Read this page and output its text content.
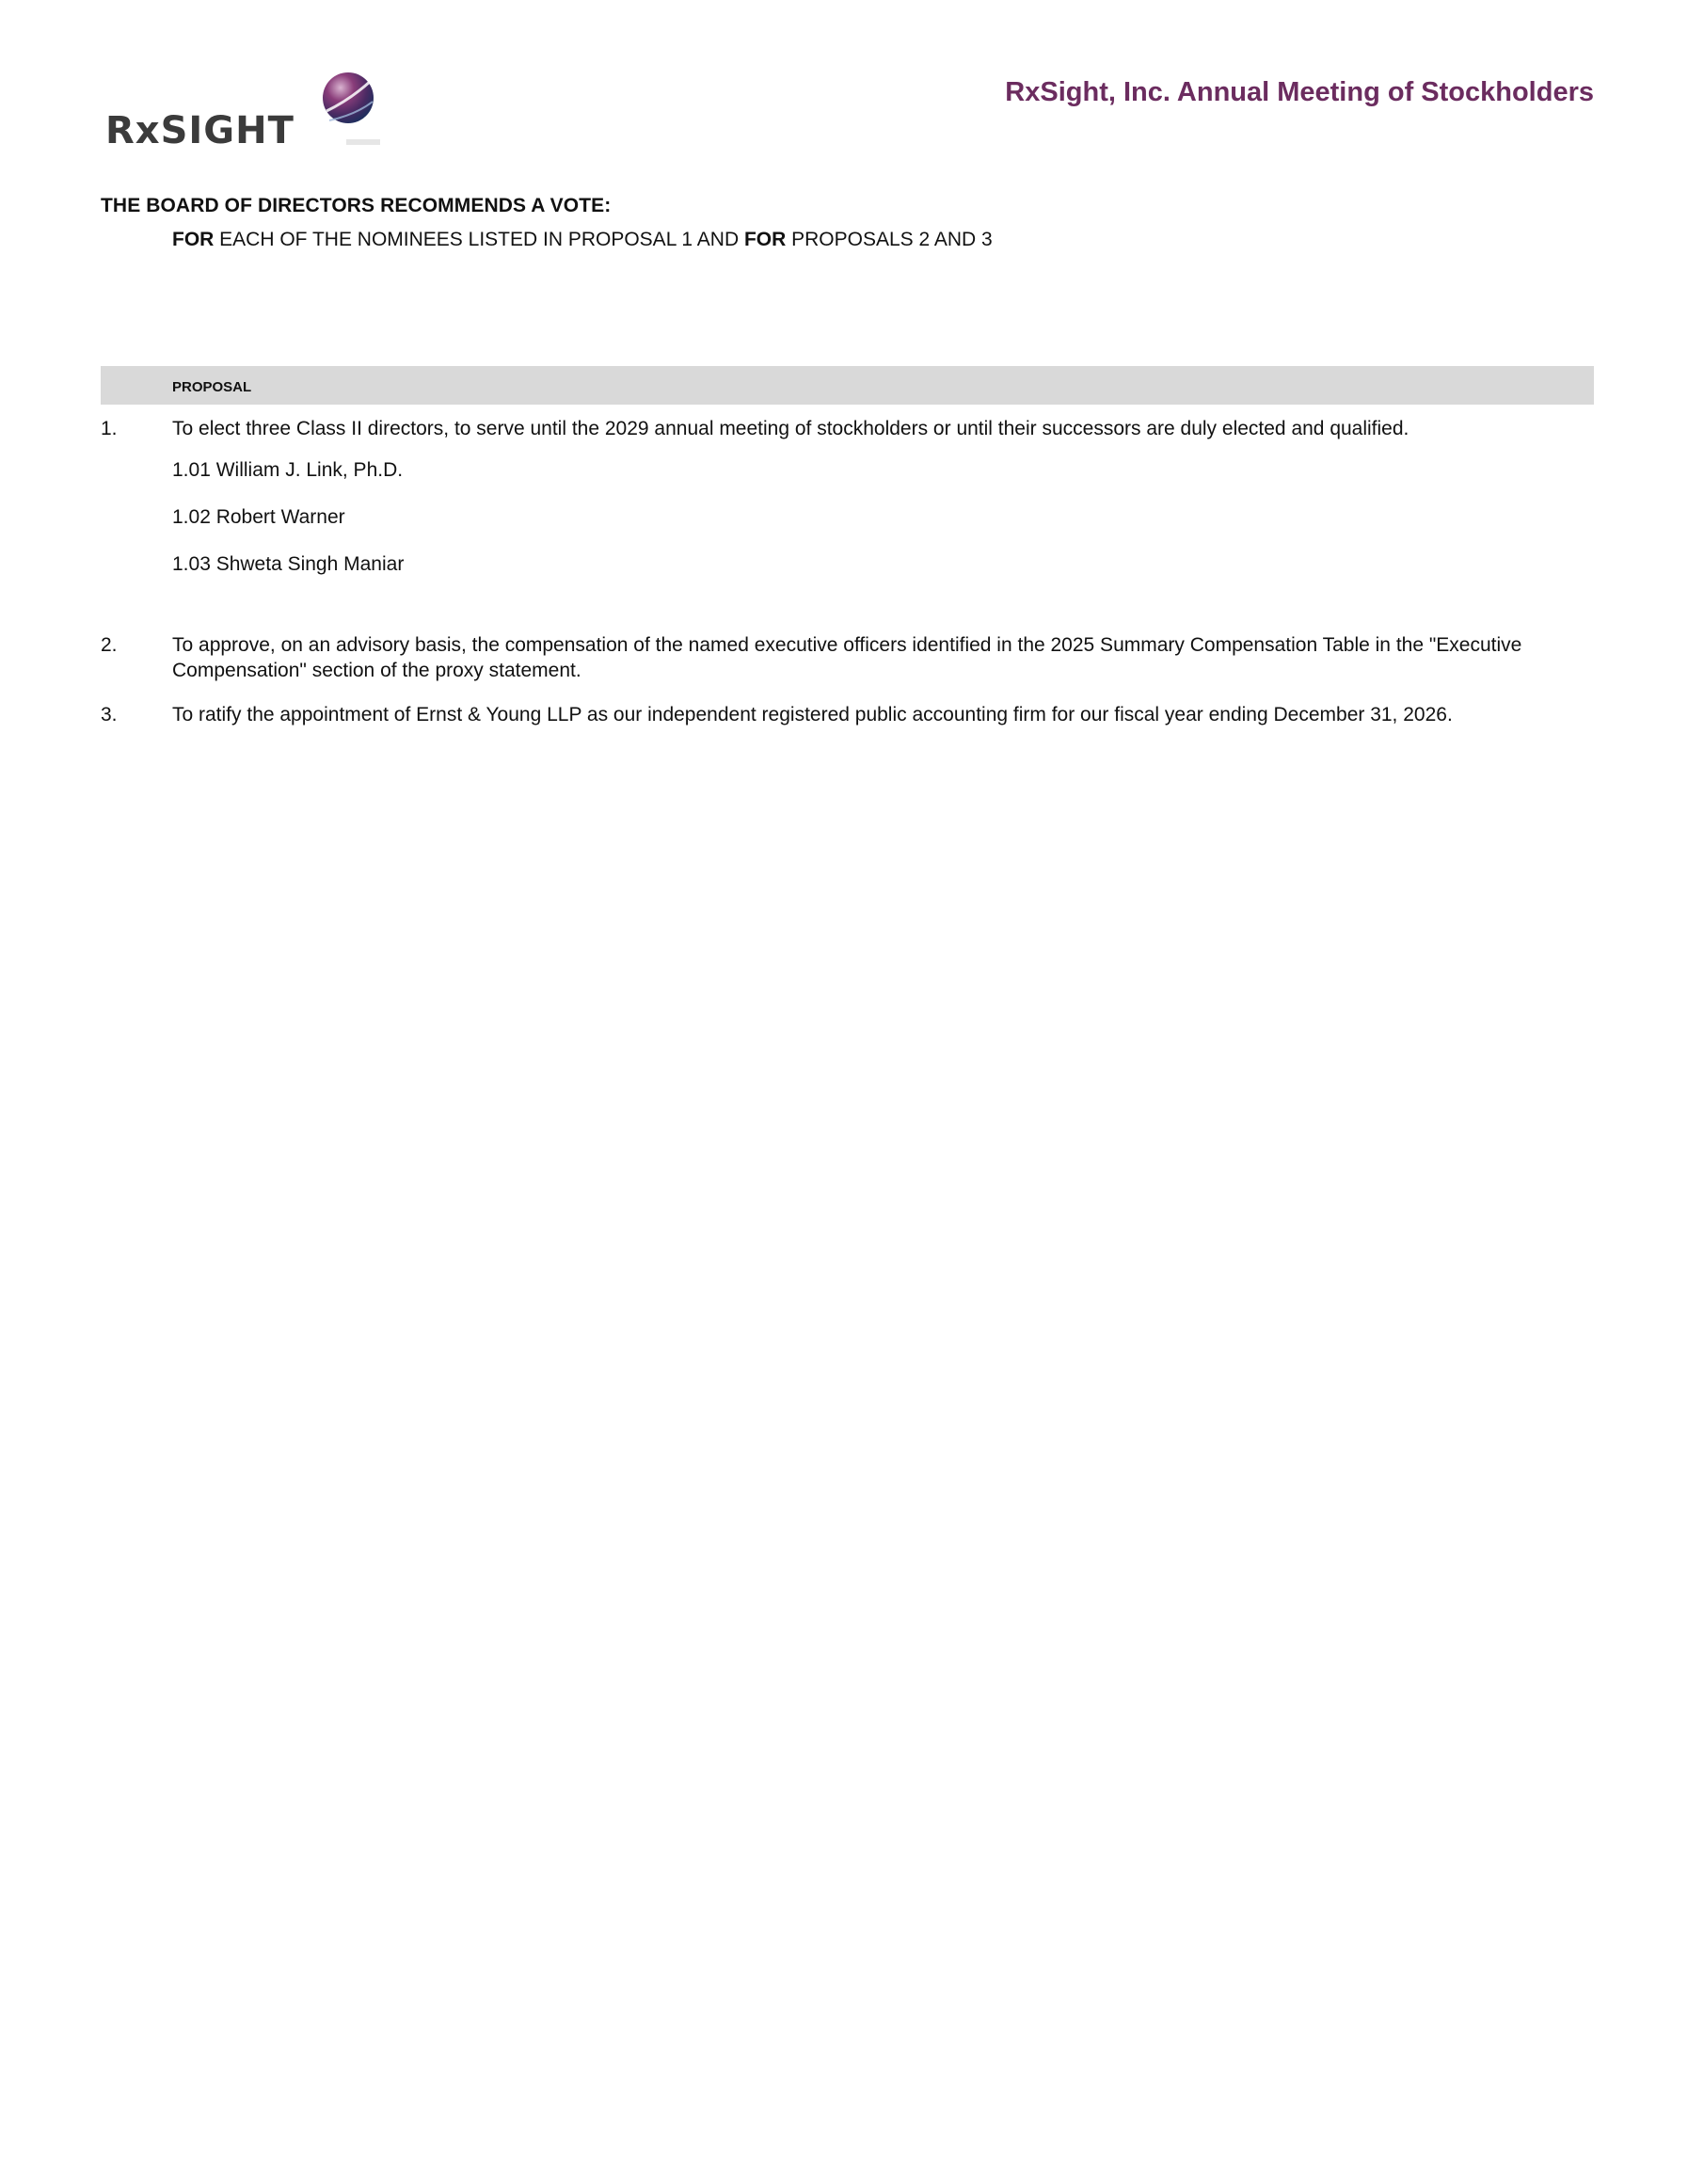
RxSIGHT
RxSight, Inc. Annual Meeting of Stockholders
THE BOARD OF DIRECTORS RECOMMENDS A VOTE:
FOR EACH OF THE NOMINEES LISTED IN PROPOSAL 1 AND FOR PROPOSALS 2 AND 3
PROPOSAL
1.	To elect three Class II directors, to serve until the 2029 annual meeting of stockholders or until their successors are duly elected and qualified.
1.01 William J. Link, Ph.D.
1.02 Robert Warner
1.03 Shweta Singh Maniar
2.	To approve, on an advisory basis, the compensation of the named executive officers identified in the 2025 Summary Compensation Table in the "Executive Compensation" section of the proxy statement.
3.	To ratify the appointment of Ernst & Young LLP as our independent registered public accounting firm for our fiscal year ending December 31, 2026.
